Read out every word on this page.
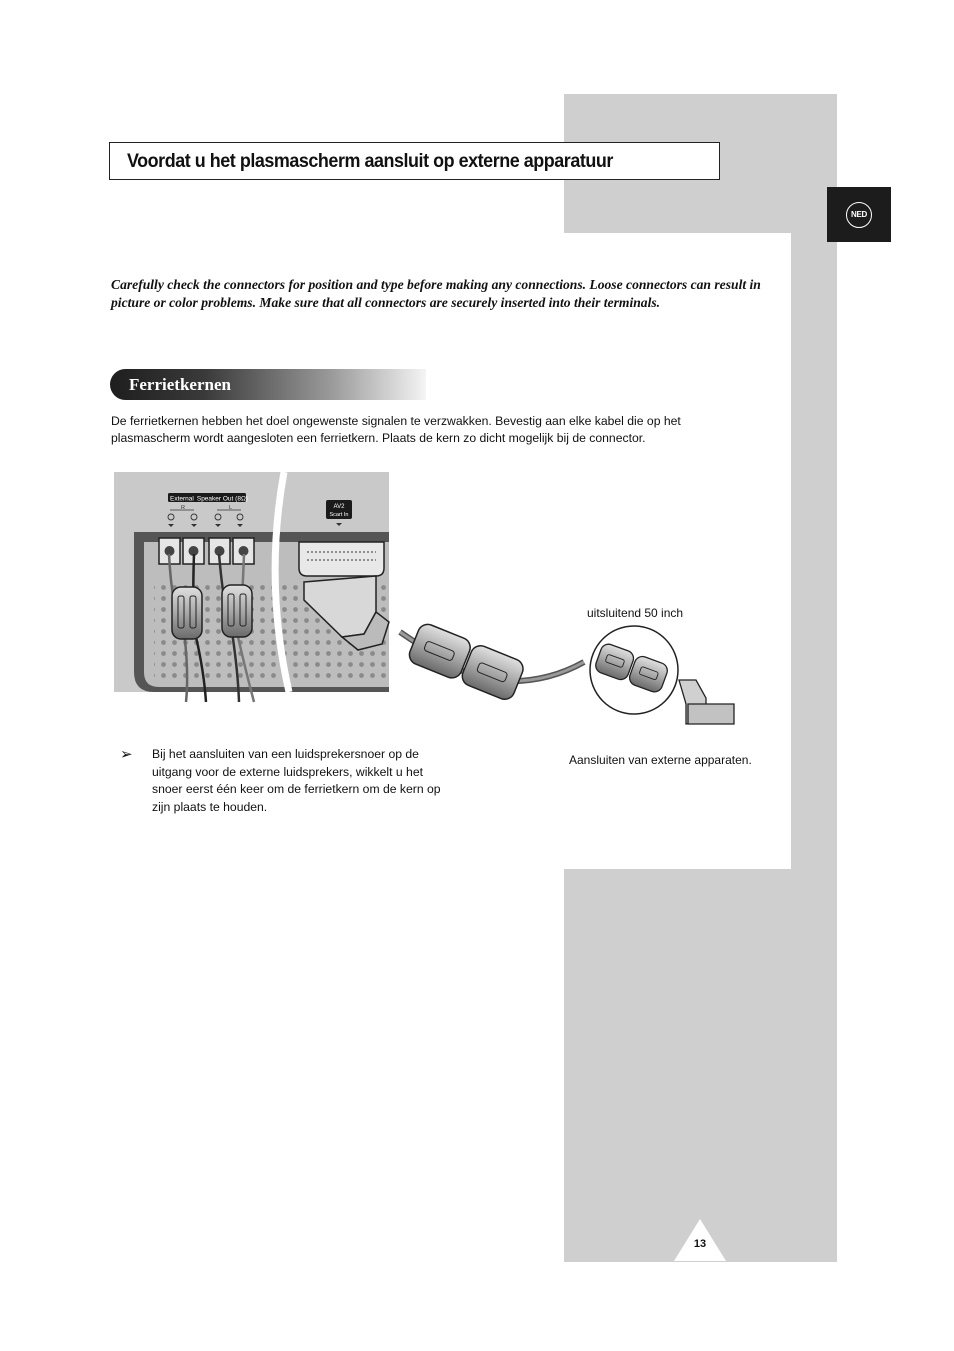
NED
Voordat u het plasmascherm aansluit op externe apparatuur

Carefully check the connectors for position and type before making any connections. Loose connectors can result in picture or color problems. Make sure that all connectors are securely inserted into their terminals.

Ferrietkernen

De ferrietkernen hebben het doel ongewenste signalen te verzwakken. Bevestig aan elke kabel die op het plasmascherm wordt aangesloten een ferrietkern. Plaats de kern zo dicht mogelijk bij de connector.

External Speaker Out (8Ω)
R	L	AV2
Scart In
uitsluitend 50 inch
Aansluiten van externe apparaten.
➢ Bij het aansluiten van een luidsprekersnoer op de uitgang voor de externe luidsprekers, wikkelt u het snoer eerst één keer om de ferrietkern om de kern op zijn plaats te houden.

13
